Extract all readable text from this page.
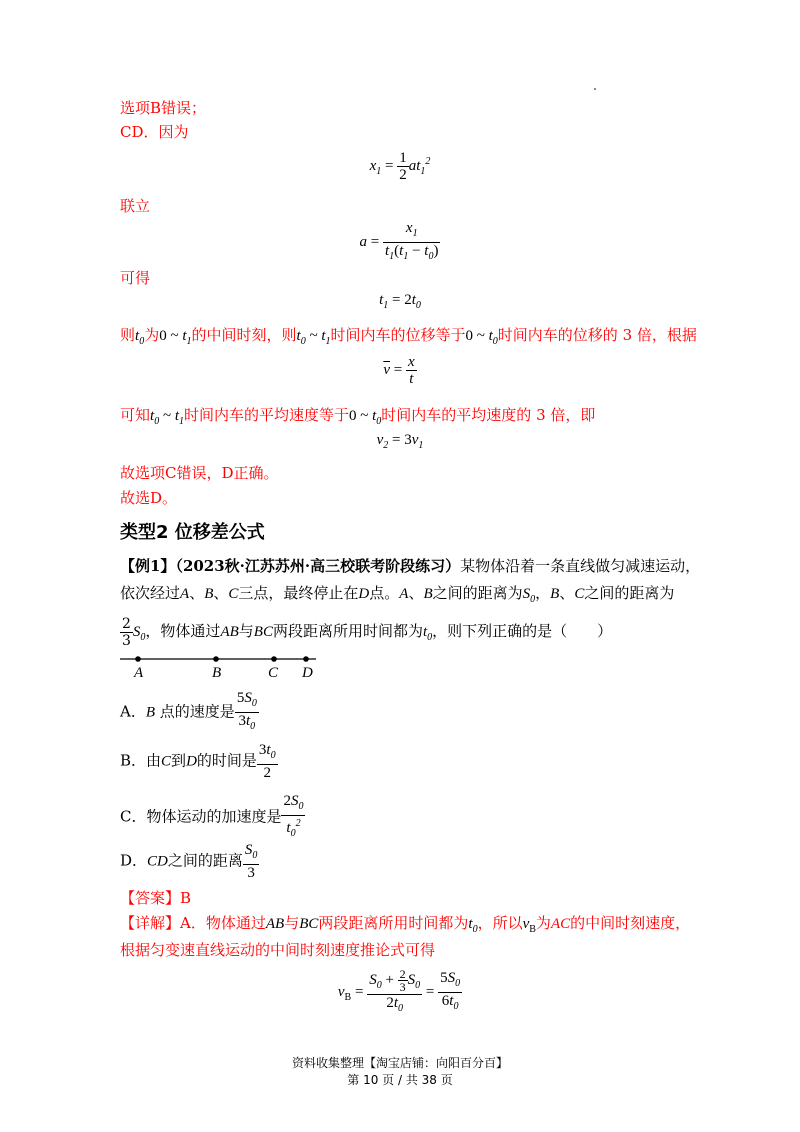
选项B错误；
CD．因为
$x_1 = \frac{1}{2} at_1^2$
联立
$a = \frac{x_1}{t_1(t_1 - t_0)}$
可得
$t_1 = 2t_0$
则$t_0$为0 ~ $t_1$的中间时刻，则$t_0$ ~ $t_1$时间内车的位移等于0 ~ $t_0$时间内车的位移的 3 倍，根据
$\overline{v} = \frac{x}{t}$
可知$t_0$ ~ $t_1$时间内车的平均速度等于0 ~ $t_0$时间内车的平均速度的 3 倍，即
$v_2 = 3v_1$
故选项C错误，D正确。
故选D。
类型2 位移差公式
【例1】（2023秋·江苏苏州·高三校联考阶段练习）某物体沿着一条直线做匀减速运动，
依次经过A、B、C三点，最终停止在D点。A、B之间的距离为$S_0$，B、C之间的距离为
$\frac{2}{3} S_0$，物体通过AB与BC两段距离所用时间都为$t_0$，则下列正确的是（　　）
A	B	C D
A．B 点的速度是 $\frac{5S_0}{3t_0}$
B．由C到D的时间是 $\frac{3t_0}{2}$
C．物体运动的加速度是 $\frac{2S_0}{t_0^2}$
D．CD之间的距离 $\frac{S_0}{3}$
【答案】B
【详解】A．物体通过AB与BC两段距离所用时间都为$t_0$，所以$v_B$为AC的中间时刻速度，
根据匀变速直线运动的中间时刻速度推论式可得
$v_B = \frac{S_0 + \frac{2}{3} S_0}{2t_0} = \frac{5S_0}{6t_0}$
资料收集整理【淘宝店铺：向阳百分百】
第 10 页 / 共 38 页
